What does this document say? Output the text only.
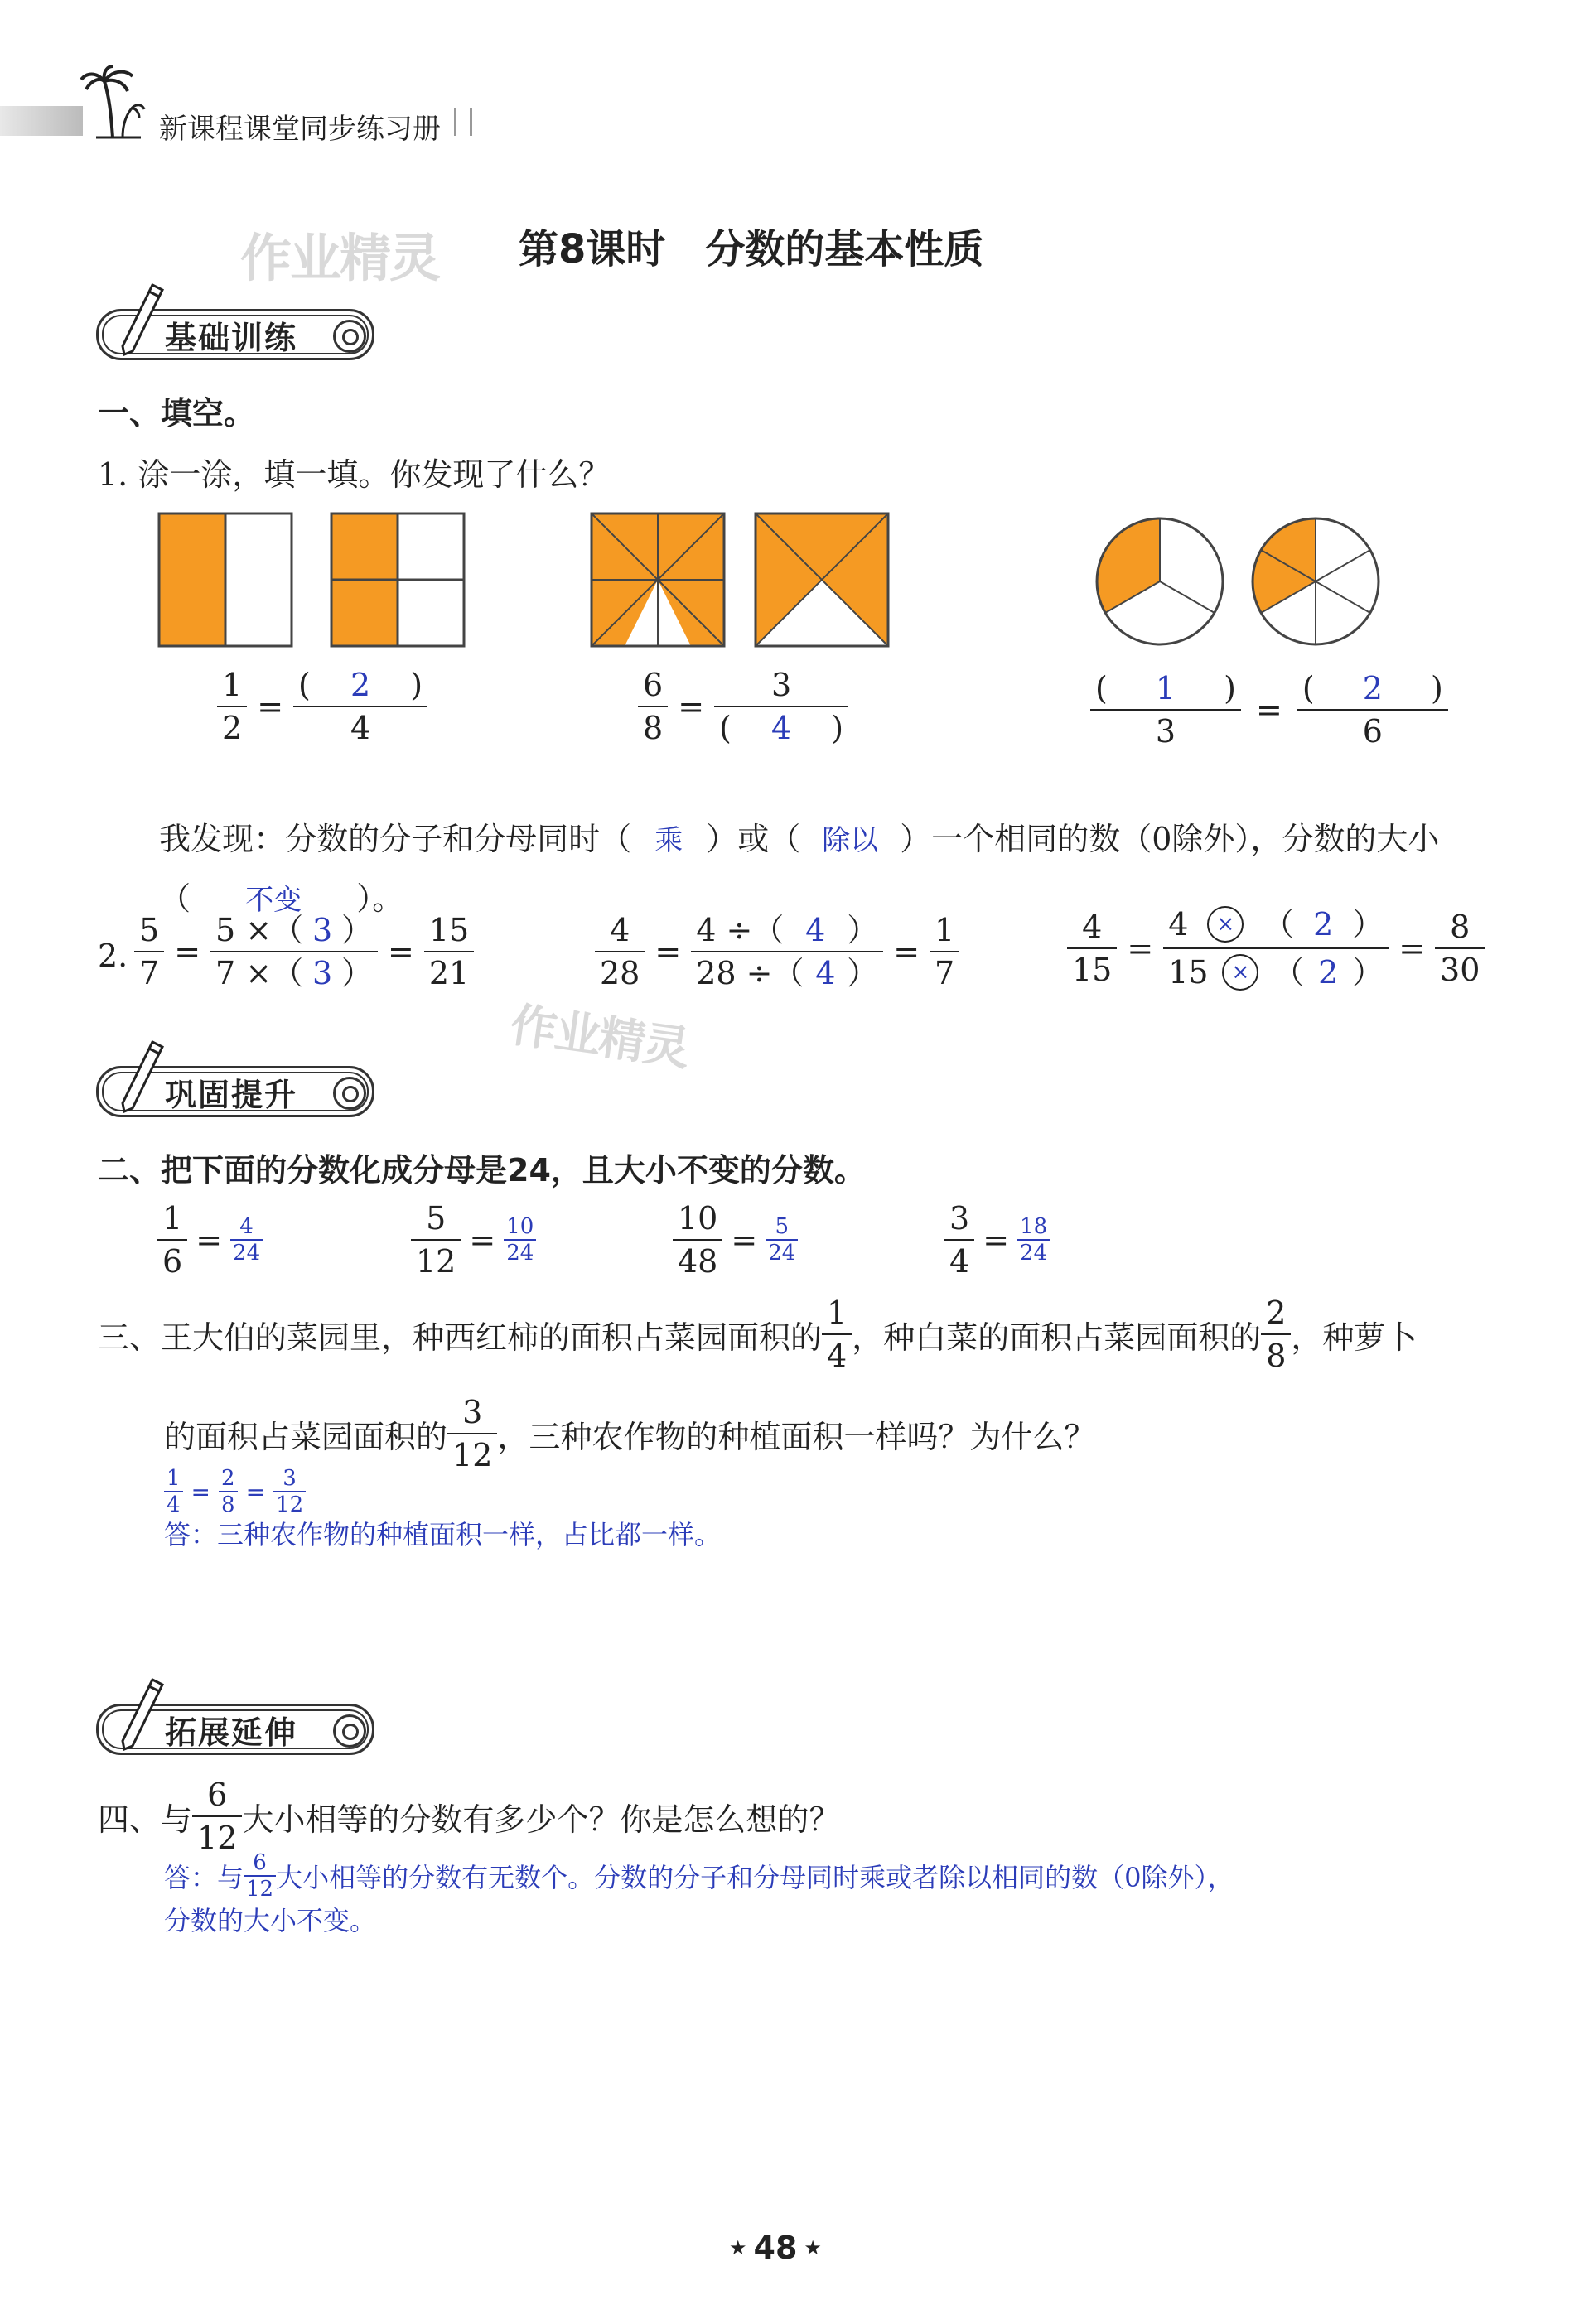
新课程课堂同步练习册
作业精灵 第8课时　分数的基本性质
基础训练
一、填空。
1. 涂一涂，填一填。你发现了什么？
$\frac{1}{2} = \frac{( 2 )}{4}$	$\frac{6}{8} = \frac{3}{( 4 )}$	$\frac{( 1 )}{3} = \frac{( 2 )}{6}$

我发现：分数的分子和分母同时（ 乘 ）或（ 除以 ）一个相同的数（0除外），分数的大小

（ 不变 ）。

2. $\frac{5}{7} = \frac{5 \times( 3 )}{7 \times( 3 )} = \frac{15}{21}$	$\frac{4}{28} = \frac{4 \div( 4 )}{28 \div( 4 )} = \frac{1}{7}$	$\frac{4}{15} = 4$	× （ 2 ）
15	× （ 2 ） = $\frac{8}{30}$
作业精灵
巩固提升
二、把下面的分数化成分母是24，且大小不变的分数。
$\frac{1}{6} = \frac{4}{24}$	$\frac{5}{12} = \frac{10}{24}$	$\frac{10}{48} = \frac{5}{24}$	$\frac{3}{4} = \frac{18}{24}$
三、王大伯的菜园里，种西红柿的面积占菜园面积的 $\frac{1}{4}$ ，种白菜的面积占菜园面积的 $\frac{2}{8}$ ，种萝卜
的面积占菜园面积的 $\frac{3}{12}$ ，三种农作物的种植面积一样吗？为什么？
$\frac{1}{4} = \frac{2}{8} = \frac{3}{12}$
答：三种农作物的种植面积一样，占比都一样。
拓展延伸
四、与 $\frac{6}{12}$ 大小相等的分数有多少个？你是怎么想的？
答：与 $\frac{6}{12}$ 大小相等的分数有无数个。分数的分子和分母同时乘或者除以相同的数（0除外），
分数的大小不变。
★ 48 ★
